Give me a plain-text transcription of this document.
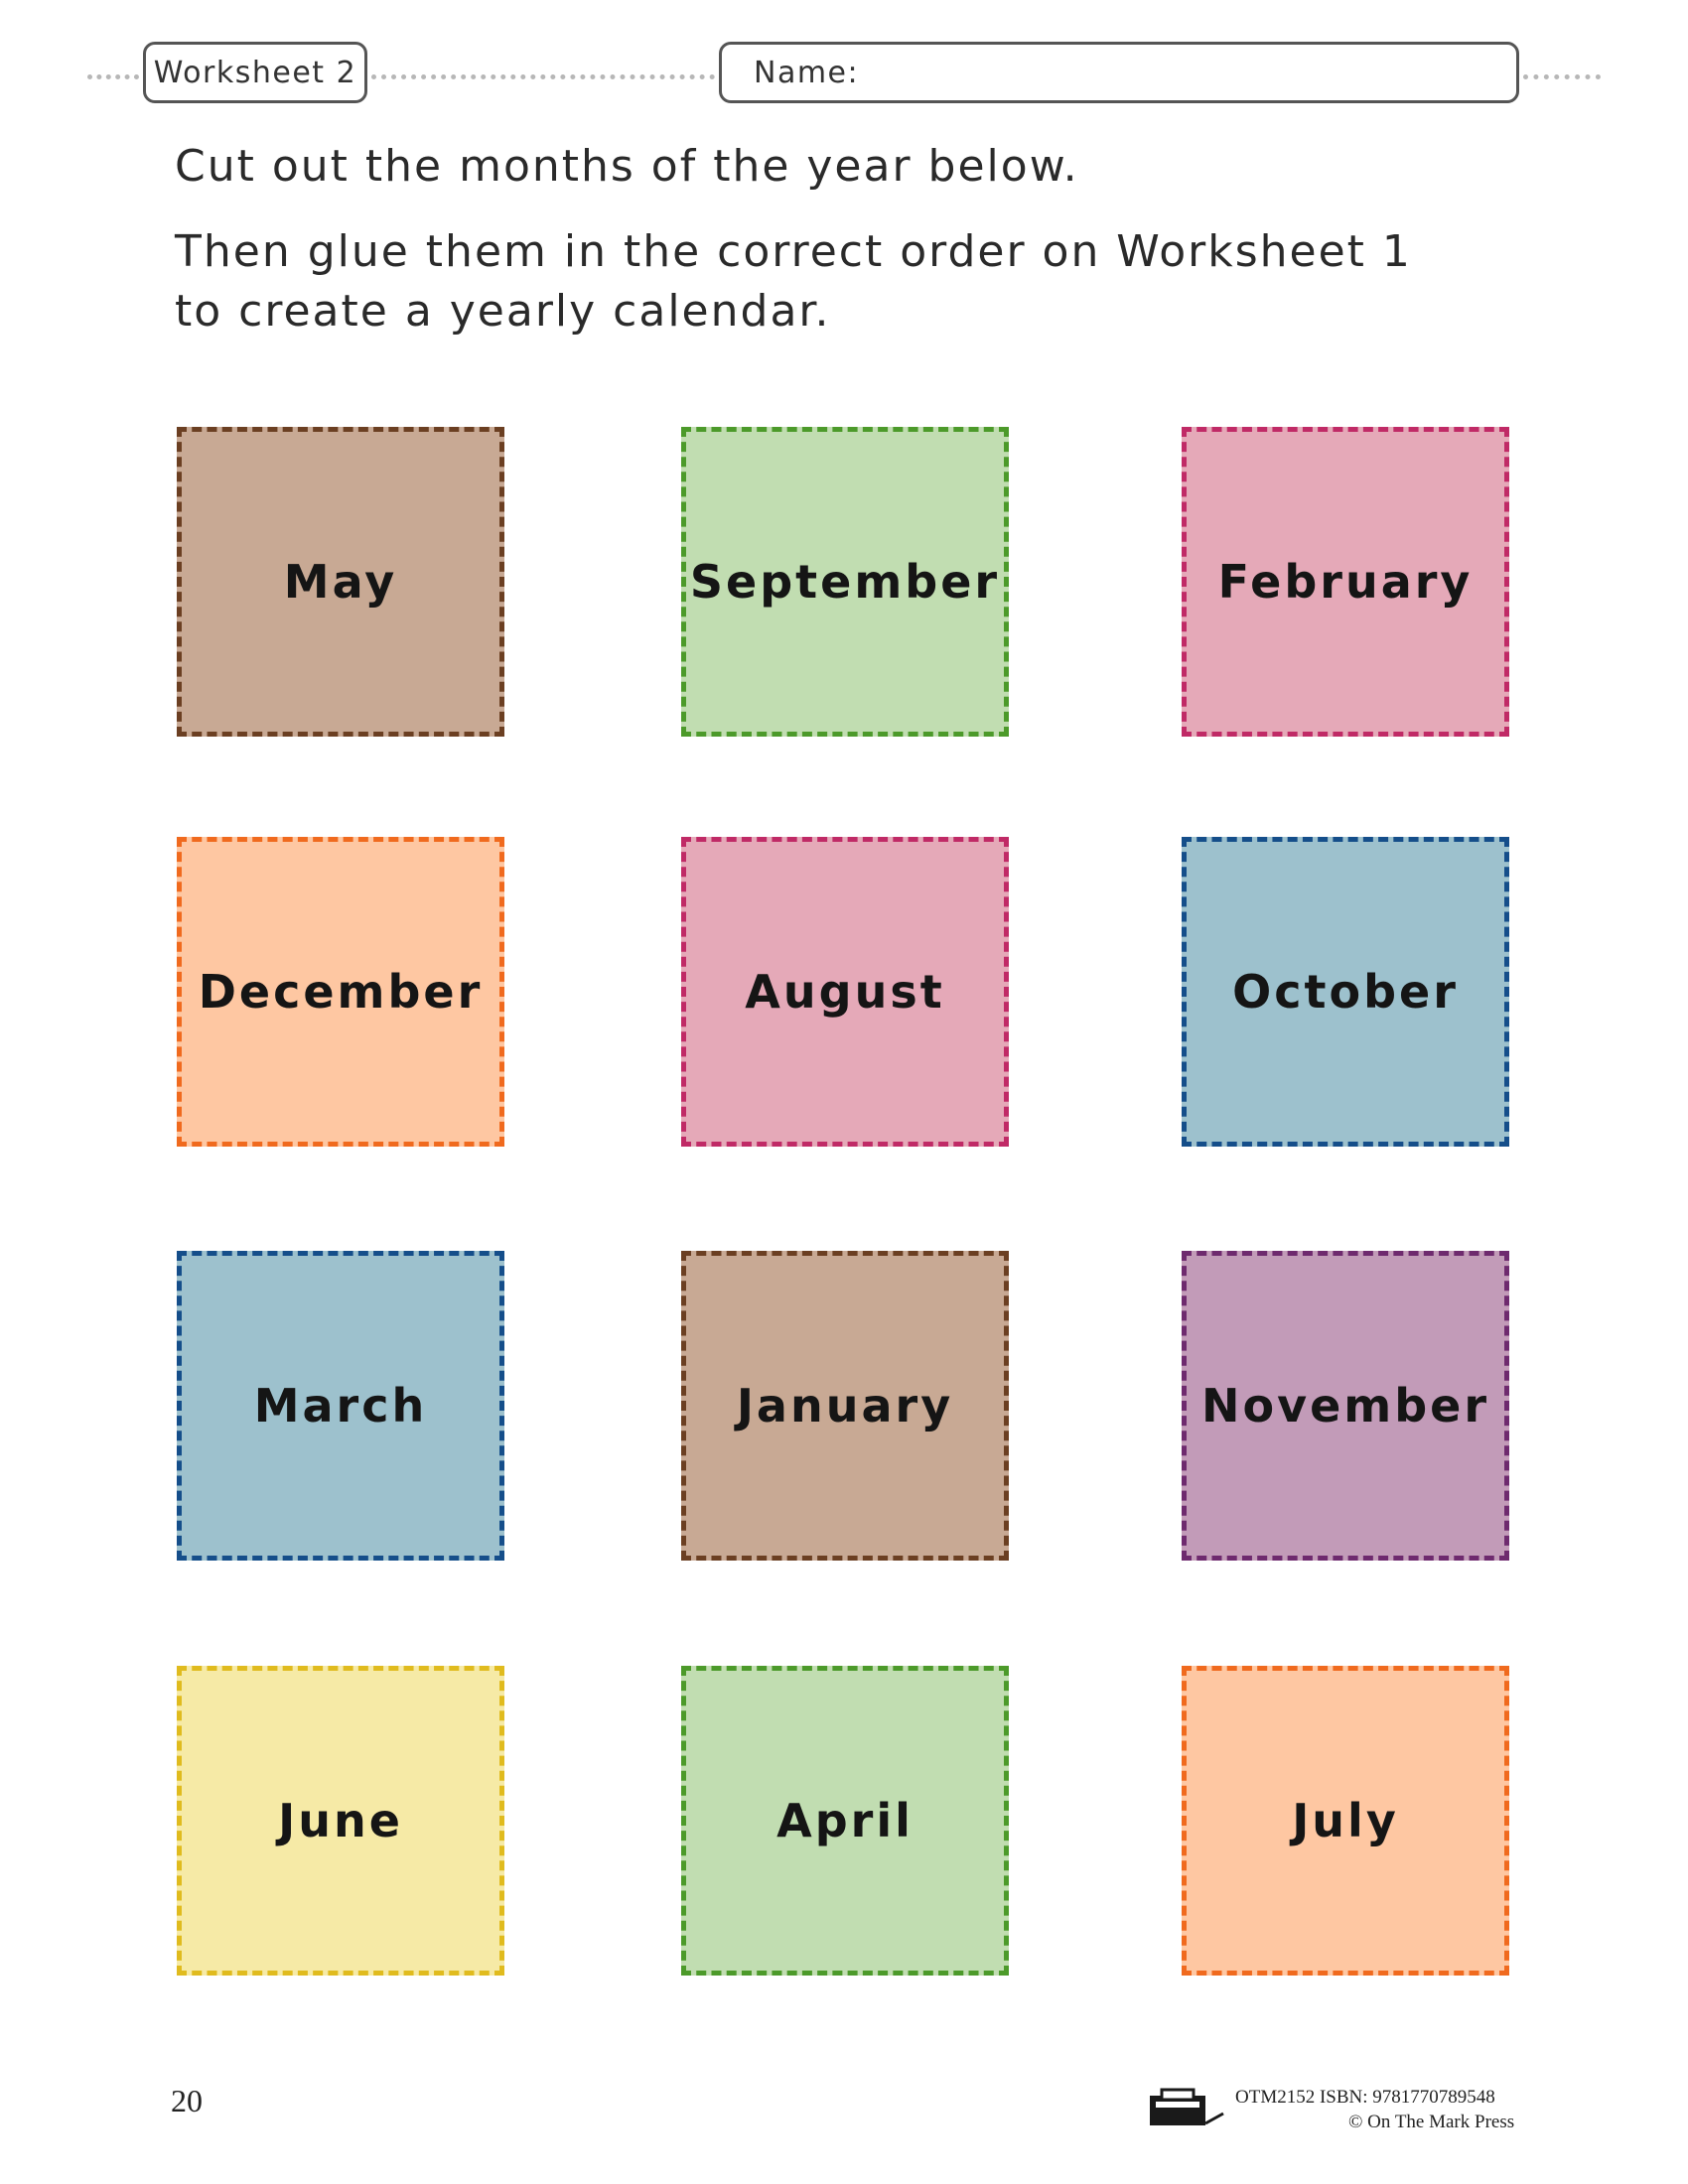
Worksheet 2	Name:
Cut out the months of the year below.
Then glue them in the correct order on Worksheet 1
to create a yearly calendar.
May	September	February
December	August	October
March	January	November
June	April	July
20	OTM2152 ISBN: 9781770789548
© On The Mark Press
